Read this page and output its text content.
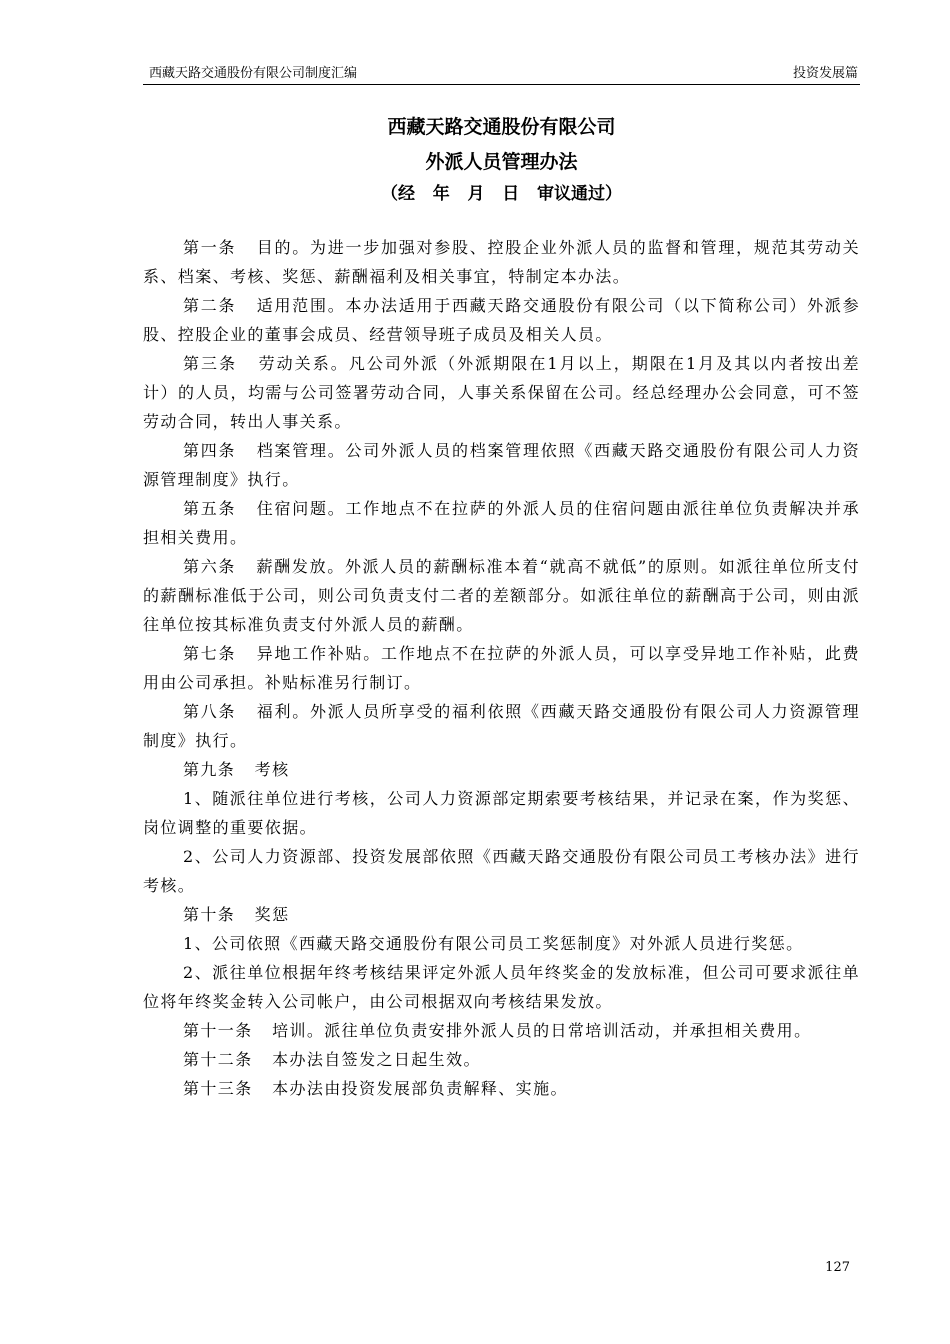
西藏天路交通股份有限公司制度汇编	投资发展篇
西藏天路交通股份有限公司
外派人员管理办法
（经   年   月   日   审议通过）

第一条 目的。为进一步加强对参股、控股企业外派人员的监督和管理，规范其劳动关系、档案、考核、奖惩、薪酬福利及相关事宜，特制定本办法。

第二条 适用范围。本办法适用于西藏天路交通股份有限公司（以下简称公司）外派参股、控股企业的董事会成员、经营领导班子成员及相关人员。

第三条 劳动关系。凡公司外派（外派期限在1月以上，期限在1月及其以内者按出差计）的人员，均需与公司签署劳动合同，人事关系保留在公司。经总经理办公会同意，可不签劳动合同，转出人事关系。

第四条 档案管理。公司外派人员的档案管理依照《西藏天路交通股份有限公司人力资源管理制度》执行。

第五条 住宿问题。工作地点不在拉萨的外派人员的住宿问题由派往单位负责解决并承担相关费用。

第六条 薪酬发放。外派人员的薪酬标准本着“就高不就低”的原则。如派往单位所支付的薪酬标准低于公司，则公司负责支付二者的差额部分。如派往单位的薪酬高于公司，则由派往单位按其标准负责支付外派人员的薪酬。

第七条 异地工作补贴。工作地点不在拉萨的外派人员，可以享受异地工作补贴，此费用由公司承担。补贴标准另行制订。

第八条 福利。外派人员所享受的福利依照《西藏天路交通股份有限公司人力资源管理制度》执行。

第九条 考核

1、随派往单位进行考核，公司人力资源部定期索要考核结果，并记录在案，作为奖惩、岗位调整的重要依据。

2、公司人力资源部、投资发展部依照《西藏天路交通股份有限公司员工考核办法》进行考核。

第十条 奖惩

1、公司依照《西藏天路交通股份有限公司员工奖惩制度》对外派人员进行奖惩。

2、派往单位根据年终考核结果评定外派人员年终奖金的发放标准，但公司可要求派往单位将年终奖金转入公司帐户，由公司根据双向考核结果发放。

第十一条 培训。派往单位负责安排外派人员的日常培训活动，并承担相关费用。

第十二条 本办法自签发之日起生效。

第十三条 本办法由投资发展部负责解释、实施。

127
